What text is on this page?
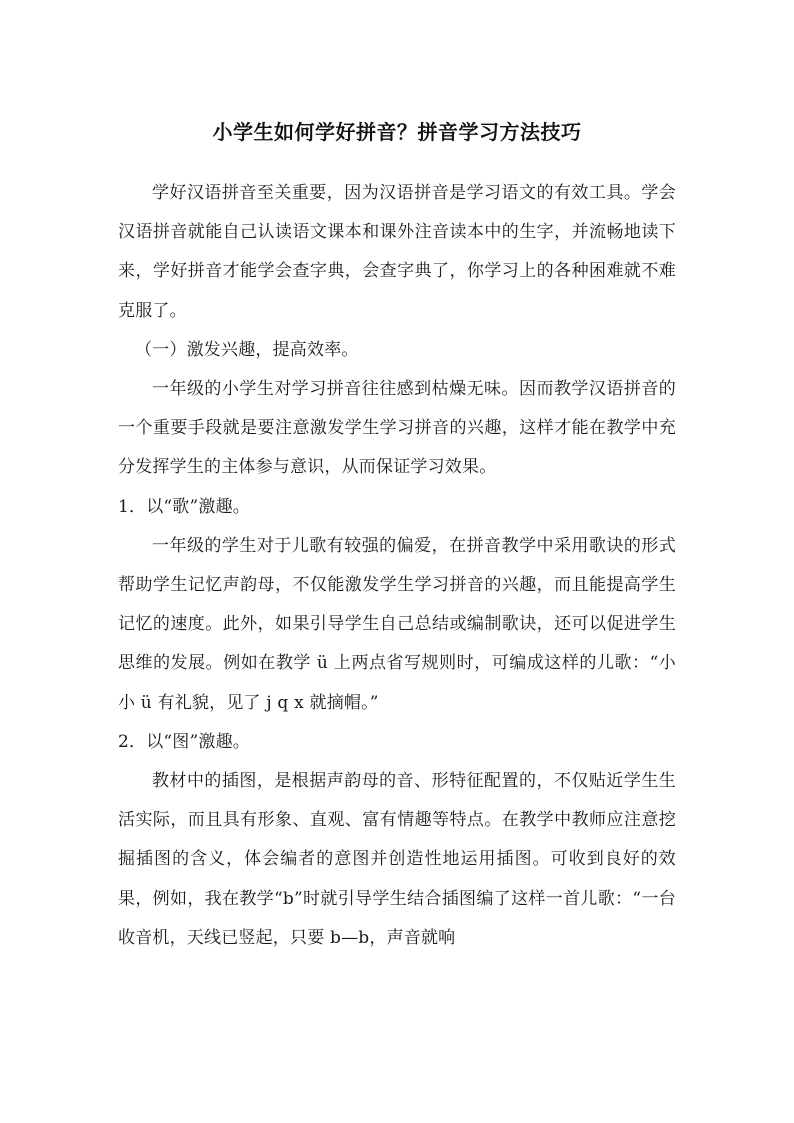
小学生如何学好拼音？拼音学习方法技巧

学好汉语拼音至关重要，因为汉语拼音是学习语文的有效工具。学会汉语拼音就能自己认读语文课本和课外注音读本中的生字，并流畅地读下来，学好拼音才能学会查字典，会查字典了，你学习上的各种困难就不难克服了。

（一）激发兴趣，提高效率。

一年级的小学生对学习拼音往往感到枯燥无味。因而教学汉语拼音的一个重要手段就是要注意激发学生学习拼音的兴趣，这样才能在教学中充分发挥学生的主体参与意识，从而保证学习效果。

1．以“歌”激趣。

一年级的学生对于儿歌有较强的偏爱，在拼音教学中采用歌诀的形式帮助学生记忆声韵母，不仅能激发学生学习拼音的兴趣，而且能提高学生记忆的速度。此外，如果引导学生自己总结或编制歌诀，还可以促进学生思维的发展。例如在教学 ü 上两点省写规则时，可编成这样的儿歌：“小小 ü 有礼貌，见了 j q x 就摘帽。”

2．以“图”激趣。

教材中的插图，是根据声韵母的音、形特征配置的，不仅贴近学生生活实际，而且具有形象、直观、富有情趣等特点。在教学中教师应注意挖掘插图的含义，体会编者的意图并创造性地运用插图。可收到良好的效果，例如，我在教学“b”时就引导学生结合插图编了这样一首儿歌：“一台收音机，天线已竖起，只要 b—b，声音就响
